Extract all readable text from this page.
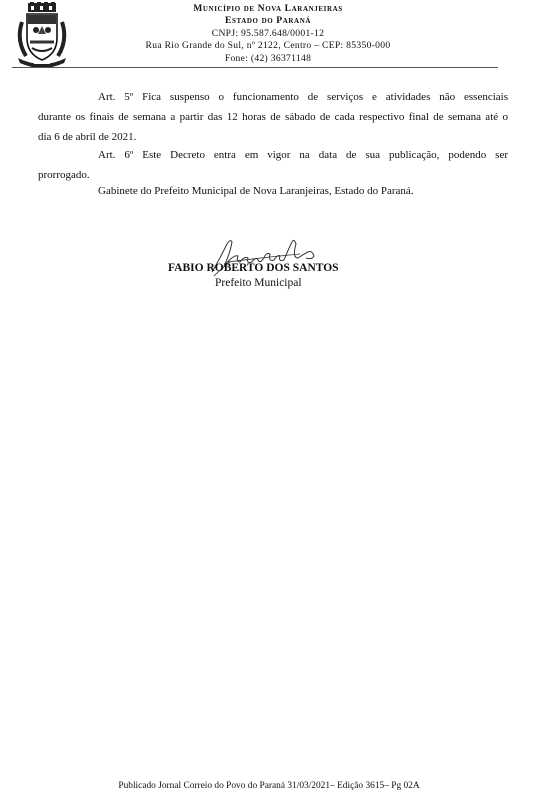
Município de Nova Laranjeiras
Estado do Paraná
CNPJ: 95.587.648/0001-12
Rua Rio Grande do Sul, nº 2122, Centro – CEP: 85350-000
Fone: (42) 36371148
Art. 5º Fica suspenso o funcionamento de serviços e atividades não essenciais
durante os finais de semana a partir das 12 horas de sábado de cada respectivo final de semana até o
dia 6 de abril de 2021.
Art. 6º Este Decreto entra em vigor na data de sua publicação, podendo ser
prorrogado.
Gabinete do Prefeito Municipal de Nova Laranjeiras, Estado do Paraná.
FABIO ROBERTO DOS SANTOS
Prefeito Municipal
Publicado Jornal Correio do Povo do Paraná 31/03/2021– Edição 3615– Pg 02A
